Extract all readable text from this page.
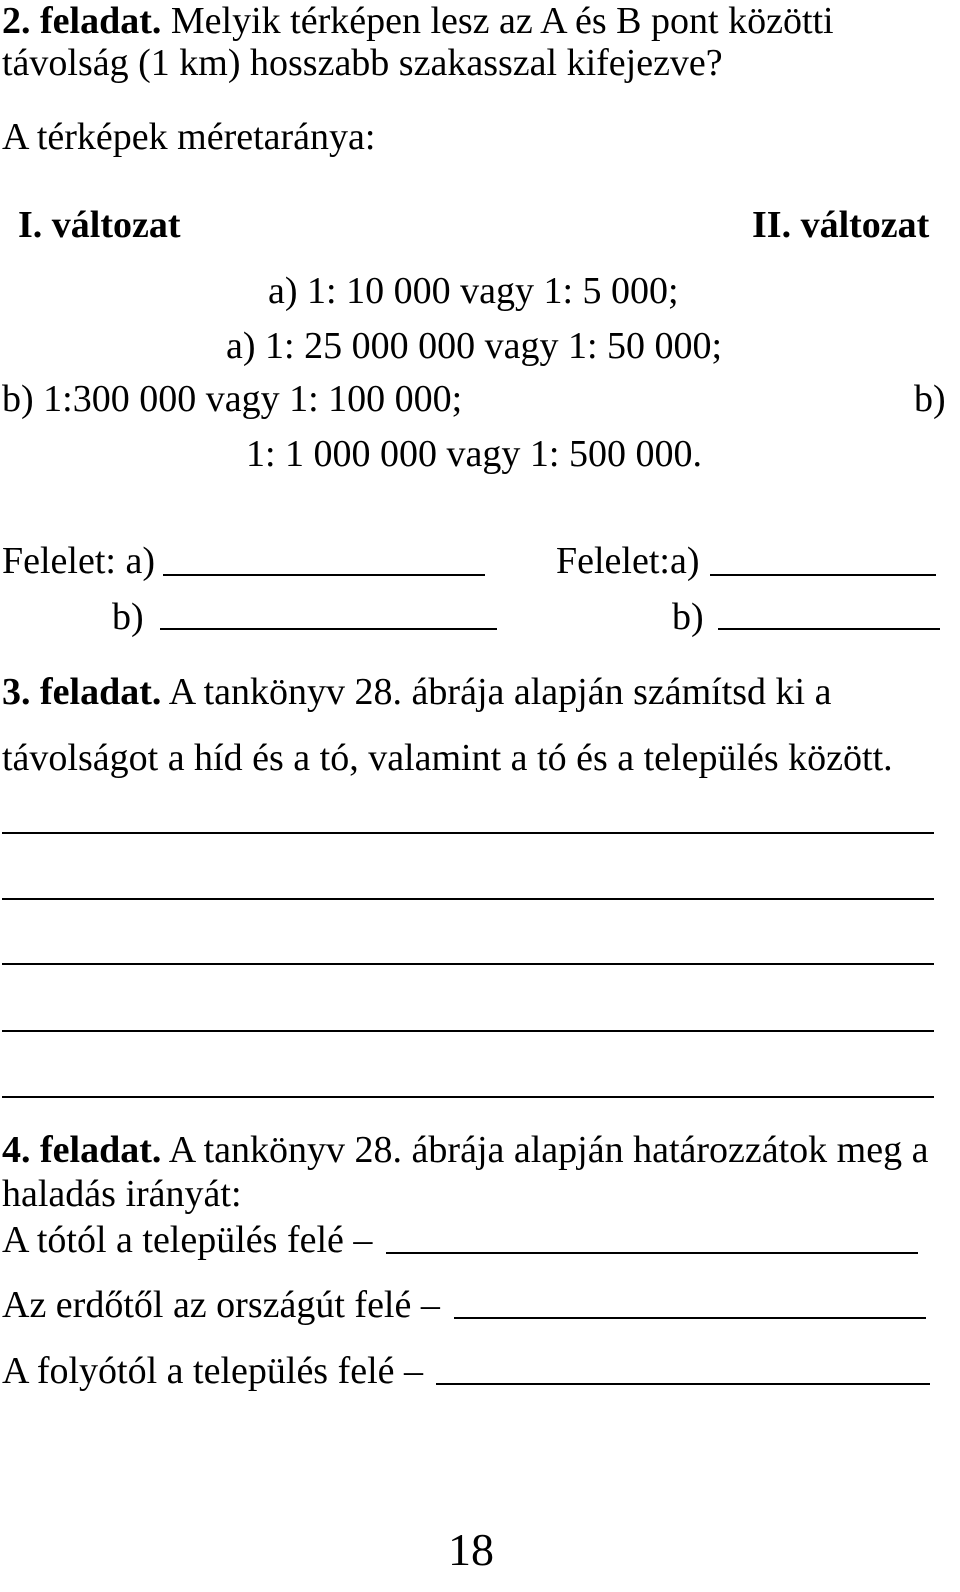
2. feladat. Melyik térképen lesz az A és B pont közötti
távolság (1 km) hosszabb szakasszal kifejezve?
A térképek méretaránya:
I. változat	II. változat
a) 1: 10 000 vagy 1: 5 000;
a) 1: 25 000 000 vagy 1: 50 000;
b) 1:300 000 vagy 1: 100 000;	b)
1: 1 000 000 vagy 1: 500 000.
Felelet: a)	Felelet:a)
b)	b)
3. feladat. A tankönyv 28. ábrája alapján számítsd ki a
távolságot a híd és a tó, valamint a tó és a település között.
4. feladat. A tankönyv 28. ábrája alapján határozzátok meg a
haladás irányát:
A tótól a település felé –
Az erdőtől az országút felé –
A folyótól a település felé –
18
